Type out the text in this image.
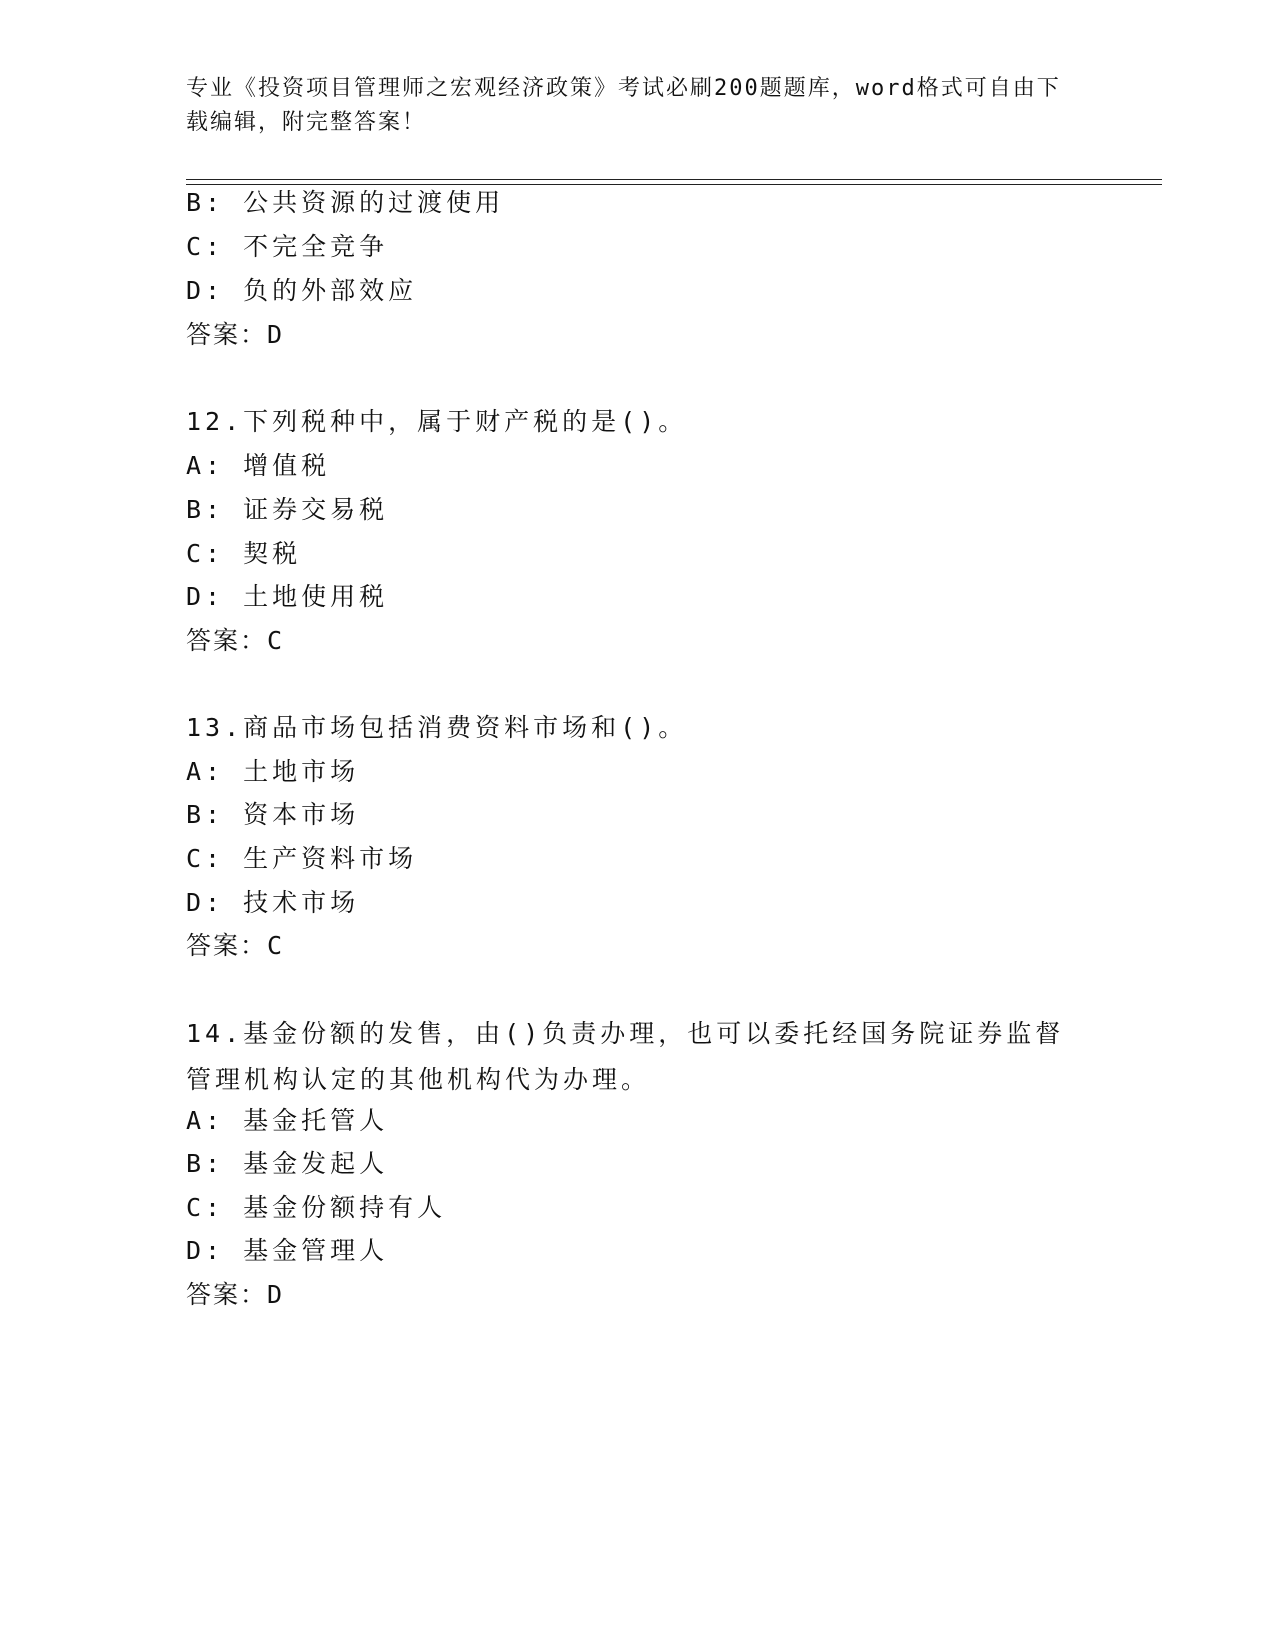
专业《投资项目管理师之宏观经济政策》考试必刷200题题库，word格式可自由下载编辑，附完整答案！
B: 公共资源的过渡使用
C: 不完全竞争
D: 负的外部效应
答案：D
12.下列税种中，属于财产税的是()。
A: 增值税
B: 证券交易税
C: 契税
D: 土地使用税
答案：C
13.商品市场包括消费资料市场和()。
A: 土地市场
B: 资本市场
C: 生产资料市场
D: 技术市场
答案：C
14.基金份额的发售，由()负责办理，也可以委托经国务院证券监督管理机构认定的其他机构代为办理。
A: 基金托管人
B: 基金发起人
C: 基金份额持有人
D: 基金管理人
答案：D
